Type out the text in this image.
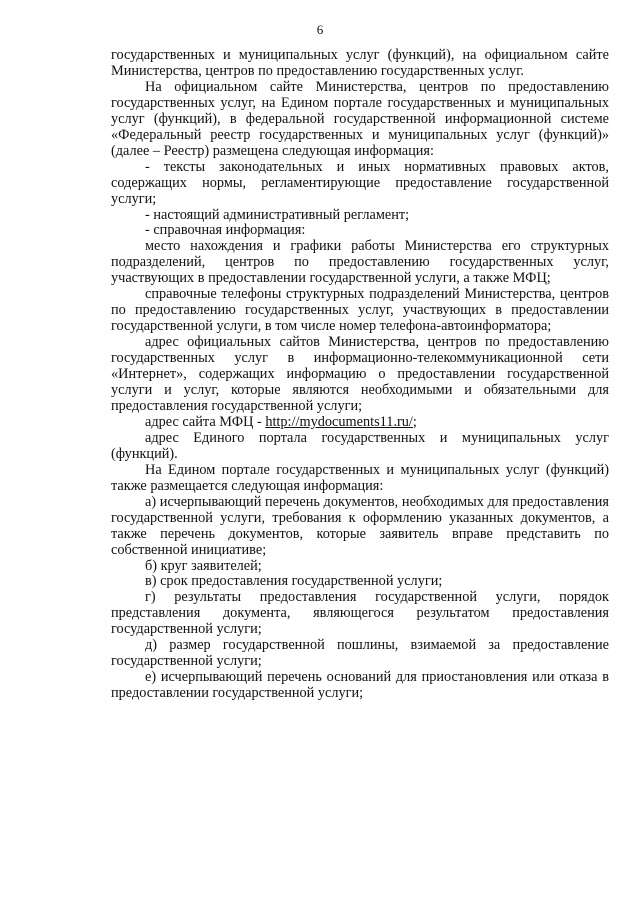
6

государственных и муниципальных услуг (функций), на официальном сайте Министерства, центров по предоставлению государственных услуг.

На официальном сайте Министерства, центров по предоставлению государственных услуг, на Едином портале государственных и муниципальных услуг (функций), в федеральной государственной информационной системе «Федеральный реестр государственных и муниципальных услуг (функций)» (далее – Реестр) размещена следующая информация:

- тексты законодательных и иных нормативных правовых актов, содержащих нормы, регламентирующие предоставление государственной услуги;

- настоящий административный регламент;

- справочная информация:

место нахождения и графики работы Министерства его структурных подразделений, центров по предоставлению государственных услуг, участвующих в предоставлении государственной услуги, а также МФЦ;

справочные телефоны структурных подразделений Министерства, центров по предоставлению государственных услуг, участвующих в предоставлении государственной услуги, в том числе номер телефона-автоинформатора;

адрес официальных сайтов Министерства, центров по предоставлению государственных услуг в информационно-телекоммуникационной сети «Интернет», содержащих информацию о предоставлении государственной услуги и услуг, которые являются необходимыми и обязательными для предоставления государственной услуги;

адрес сайта МФЦ - http://mydocuments11.ru/;

адрес Единого портала государственных и муниципальных услуг (функций).

На Едином портале государственных и муниципальных услуг (функций) также размещается следующая информация:

а) исчерпывающий перечень документов, необходимых для предоставления государственной услуги, требования к оформлению указанных документов, а также перечень документов, которые заявитель вправе представить по собственной инициативе;

б) круг заявителей;

в) срок предоставления государственной услуги;

г) результаты предоставления государственной услуги, порядок представления документа, являющегося результатом предоставления государственной услуги;

д) размер государственной пошлины, взимаемой за предоставление государственной услуги;

е) исчерпывающий перечень оснований для приостановления или отказа в предоставлении государственной услуги;
